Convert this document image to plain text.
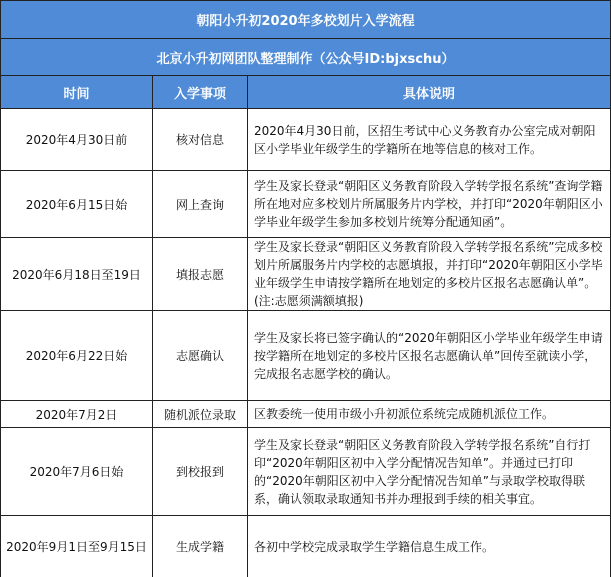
朝阳小升初2020年多校划片入学流程		
北京小升初网团队整理制作（公众号ID:bjxschu）		
时间	入学事项	具体说明
2020年4月30日前	核对信息	2020年4月30日前，区招生考试中心义务教育办公室完成对朝阳区小学毕业年级学生的学籍所在地等信息的核对工作。
2020年6月15日始	网上查询	学生及家长登录“朝阳区义务教育阶段入学转学报名系统”查询学籍所在地对应多校划片所属服务片内学校，并打印“2020年朝阳区小学毕业年级学生参加多校划片统筹分配通知函”。
2020年6月18日至19日	填报志愿	学生及家长登录“朝阳区义务教育阶段入学转学报名系统”完成多校划片所属服务片内学校的志愿填报，并打印“2020年朝阳区小学毕业年级学生申请按学籍所在地划定的多校片区报名志愿确认单”。(注:志愿须满额填报)
2020年6月22日始	志愿确认	学生及家长将已签字确认的“2020年朝阳区小学毕业年级学生申请按学籍所在地划定的多校片区报名志愿确认单”回传至就读小学，完成报名志愿学校的确认。
2020年7月2日	随机派位录取	区教委统一使用市级小升初派位系统完成随机派位工作。
2020年7月6日始	到校报到	学生及家长登录“朝阳区义务教育阶段入学转学报名系统”自行打印“2020年朝阳区初中入学分配情况告知单”。并通过已打印的“2020年朝阳区初中入学分配情况告知单”与录取学校取得联系，确认领取录取通知书并办理报到手续的相关事宜。
2020年9月1日至9月15日	生成学籍	各初中学校完成录取学生学籍信息生成工作。
